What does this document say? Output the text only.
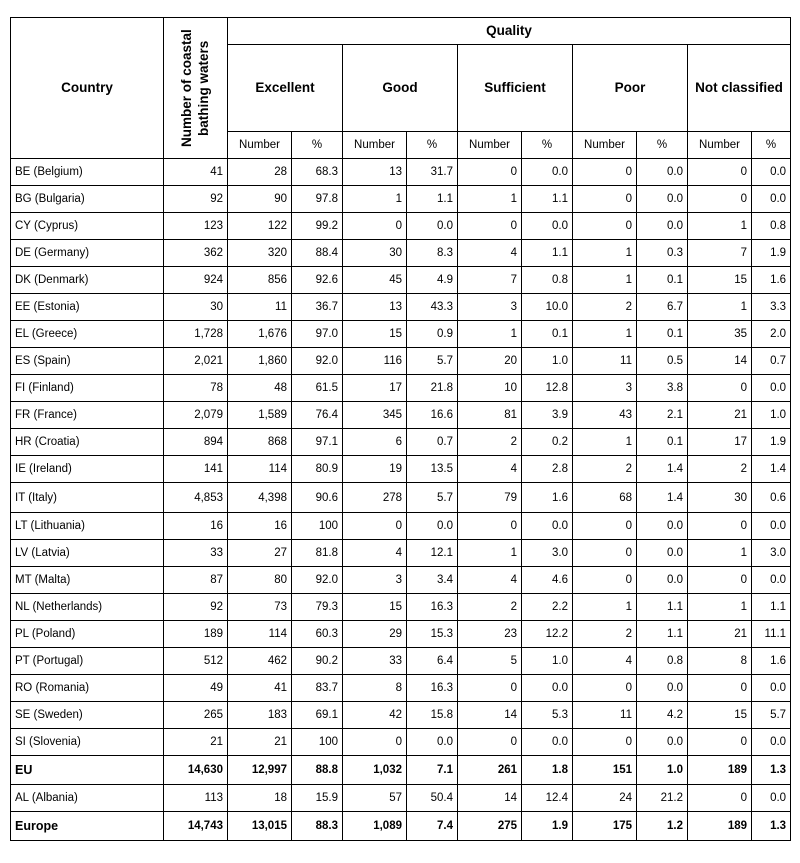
Country	Number of coastal bathing waters	Quality									
		Excellent		Good		Sufficient		Poor		Not classified	
		Number	%	Number	%	Number	%	Number	%	Number	%
BE (Belgium)	41	28	68.3	13	31.7	0	0.0	0	0.0	0	0.0
BG (Bulgaria)	92	90	97.8	1	1.1	1	1.1	0	0.0	0	0.0
CY (Cyprus)	123	122	99.2	0	0.0	0	0.0	0	0.0	1	0.8
DE (Germany)	362	320	88.4	30	8.3	4	1.1	1	0.3	7	1.9
DK (Denmark)	924	856	92.6	45	4.9	7	0.8	1	0.1	15	1.6
EE (Estonia)	30	11	36.7	13	43.3	3	10.0	2	6.7	1	3.3
EL (Greece)	1,728	1,676	97.0	15	0.9	1	0.1	1	0.1	35	2.0
ES (Spain)	2,021	1,860	92.0	116	5.7	20	1.0	11	0.5	14	0.7
FI (Finland)	78	48	61.5	17	21.8	10	12.8	3	3.8	0	0.0
FR (France)	2,079	1,589	76.4	345	16.6	81	3.9	43	2.1	21	1.0
HR (Croatia)	894	868	97.1	6	0.7	2	0.2	1	0.1	17	1.9
IE (Ireland)	141	114	80.9	19	13.5	4	2.8	2	1.4	2	1.4
IT (Italy)	4,853	4,398	90.6	278	5.7	79	1.6	68	1.4	30	0.6
LT (Lithuania)	16	16	100	0	0.0	0	0.0	0	0.0	0	0.0
LV (Latvia)	33	27	81.8	4	12.1	1	3.0	0	0.0	1	3.0
MT (Malta)	87	80	92.0	3	3.4	4	4.6	0	0.0	0	0.0
NL (Netherlands)	92	73	79.3	15	16.3	2	2.2	1	1.1	1	1.1
PL (Poland)	189	114	60.3	29	15.3	23	12.2	2	1.1	21	11.1
PT (Portugal)	512	462	90.2	33	6.4	5	1.0	4	0.8	8	1.6
RO (Romania)	49	41	83.7	8	16.3	0	0.0	0	0.0	0	0.0
SE (Sweden)	265	183	69.1	42	15.8	14	5.3	11	4.2	15	5.7
SI (Slovenia)	21	21	100	0	0.0	0	0.0	0	0.0	0	0.0
EU	14,630	12,997	88.8	1,032	7.1	261	1.8	151	1.0	189	1.3
AL (Albania)	113	18	15.9	57	50.4	14	12.4	24	21.2	0	0.0
Europe	14,743	13,015	88.3	1,089	7.4	275	1.9	175	1.2	189	1.3
